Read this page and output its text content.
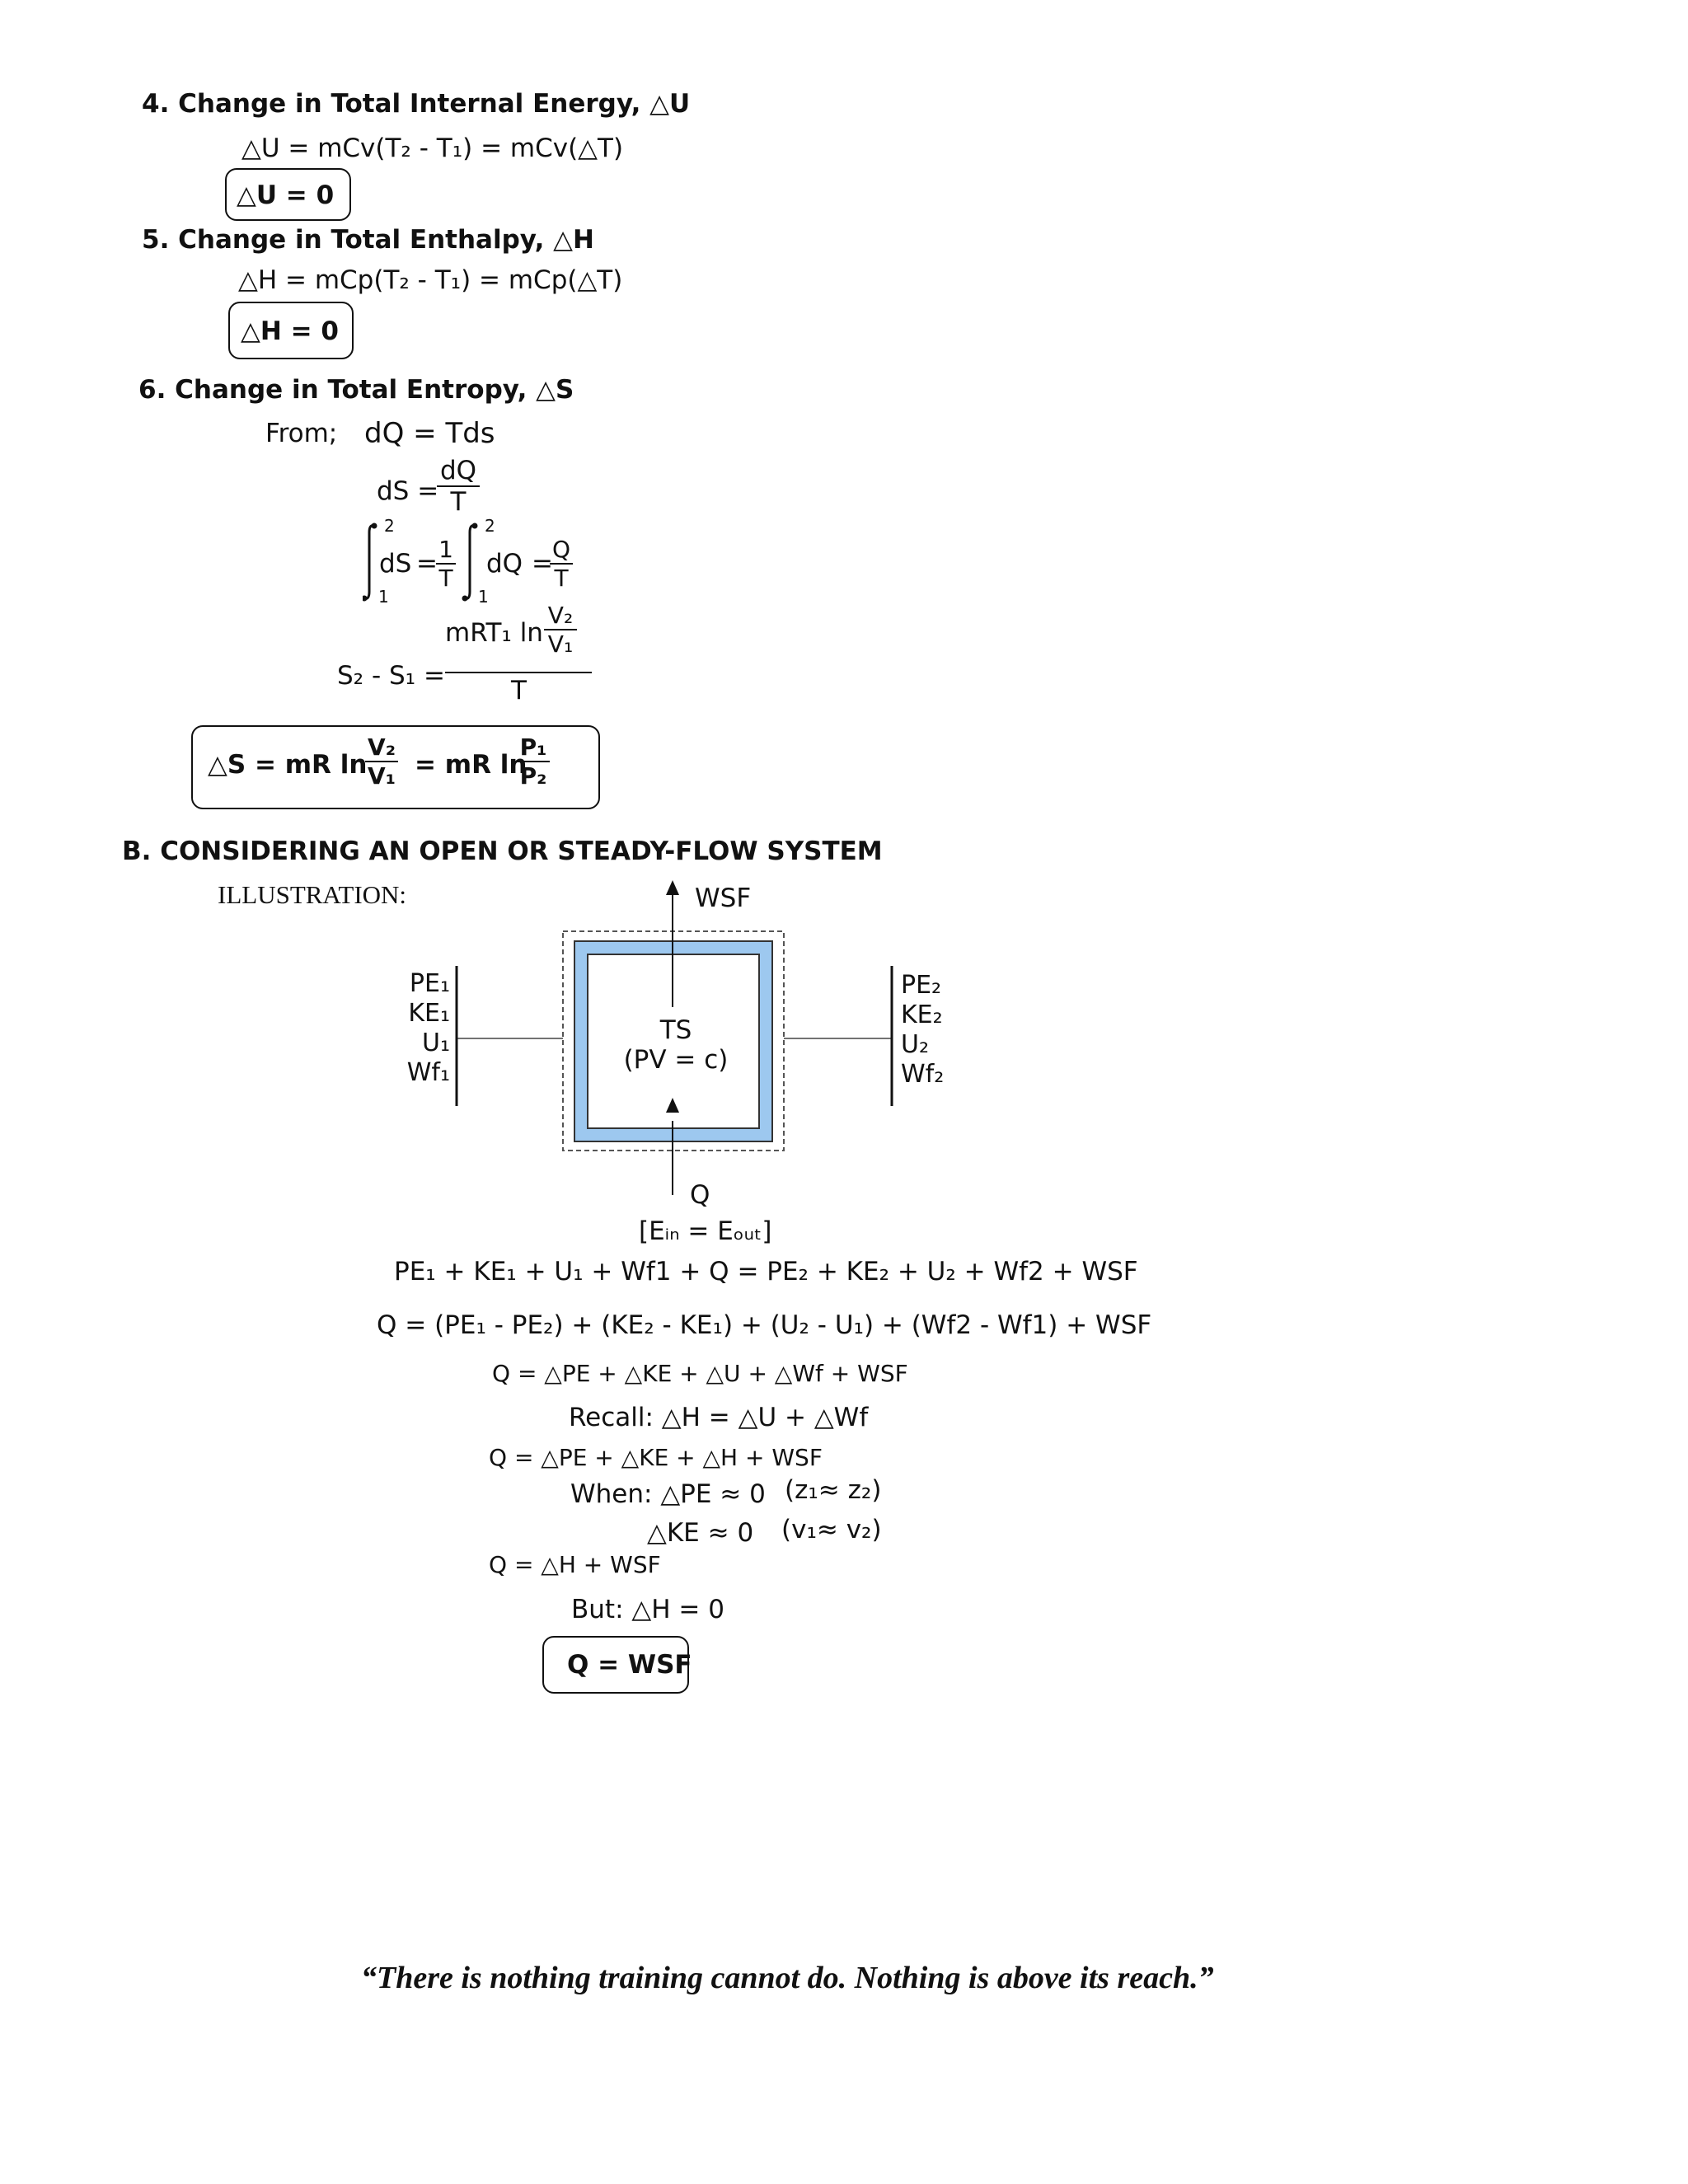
4. Change in Total Internal Energy, △U
△U = mCv(T₂ - T₁) = mCv(△T)
△U = 0
5. Change in Total Enthalpy, △H
△H = mCp(T₂ - T₁) = mCp(△T)
△H = 0
6. Change in Total Entropy, △S
From; dQ = Tds
dS =
dQ
T
2
1
dS = 1
T
2
1
dQ =
Q
T
mRT₁ ln
V₂
V₁
S₂ - S₁ =	T
△S = mR ln
V₂
V₁ = mR ln
P₁
P₂
B. CONSIDERING AN OPEN OR STEADY-FLOW SYSTEM
ILLUSTRATION:	WSF
Q
TS
(PV = c)
PE₁
KE₁
U₁
Wf₁
PE₂
KE₂
U₂
Wf₂
[Eᵢₙ = Eₒᵤₜ]
PE₁ + KE₁ + U₁ + Wf1 + Q = PE₂ + KE₂ + U₂ + Wf2 + WSF
Q = (PE₁ - PE₂) + (KE₂ - KE₁) + (U₂ - U₁) + (Wf2 - Wf1) + WSF
Q = △PE + △KE + △U + △Wf + WSF
Recall: △H = △U + △Wf
Q = △PE + △KE + △H + WSF
When: △PE ≈ 0 (z₁≈ z₂)
△KE ≈ 0 (v₁≈ v₂)
Q = △H + WSF
But: △H = 0
Q = WSF
“There is nothing training cannot do. Nothing is above its reach.”
